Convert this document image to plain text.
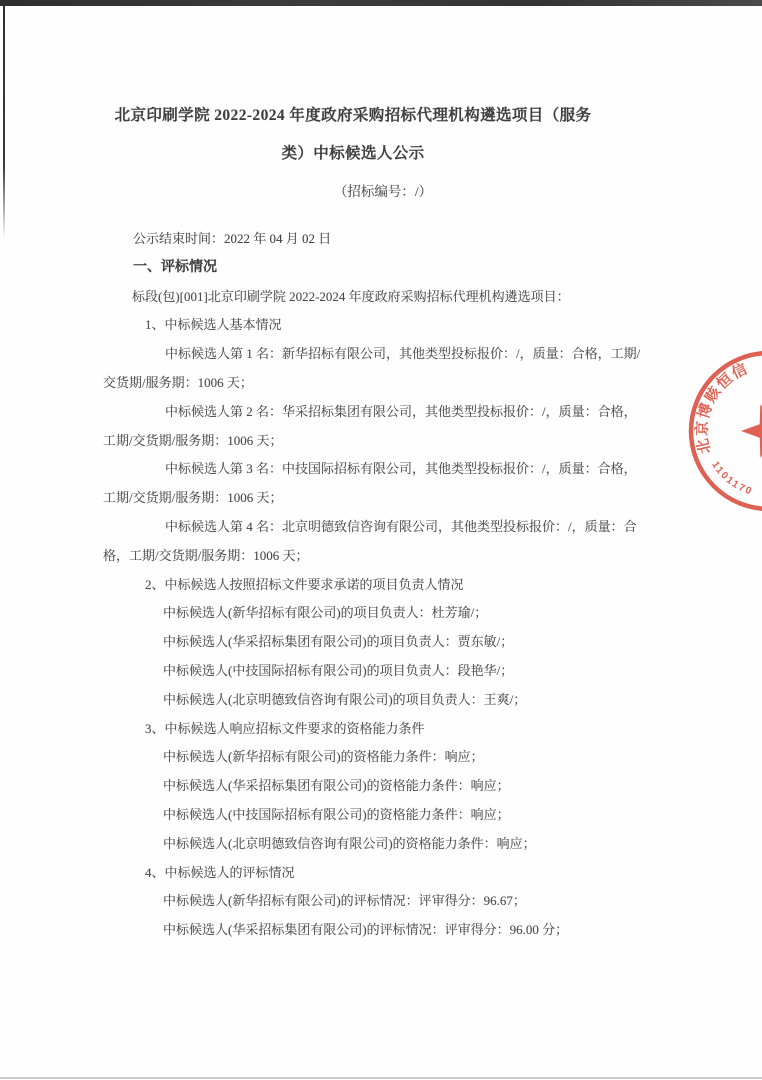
北京印刷学院 2022-2024 年度政府采购招标代理机构遴选项目（服务类）中标候选人公示
（招标编号：/）

公示结束时间：2022 年 04 月 02 日

一、评标情况

标段(包)[001]北京印刷学院 2022-2024 年度政府采购招标代理机构遴选项目：

1、中标候选人基本情况

中标候选人第 1 名：新华招标有限公司，其他类型投标报价：/，质量：合格，工期/交货期/服务期：1006 天；

中标候选人第 2 名：华采招标集团有限公司，其他类型投标报价：/，质量：合格，工期/交货期/服务期：1006 天；

中标候选人第 3 名：中技国际招标有限公司，其他类型投标报价：/，质量：合格，工期/交货期/服务期：1006 天；

中标候选人第 4 名：北京明德致信咨询有限公司，其他类型投标报价：/，质量：合格，工期/交货期/服务期：1006 天；

2、中标候选人按照招标文件要求承诺的项目负责人情况

中标候选人(新华招标有限公司)的项目负责人：杜芳瑜/；

中标候选人(华采招标集团有限公司)的项目负责人：贾东敏/；

中标候选人(中技国际招标有限公司)的项目负责人：段艳华/；

中标候选人(北京明德致信咨询有限公司)的项目负责人：王爽/；

3、中标候选人响应招标文件要求的资格能力条件

中标候选人(新华招标有限公司)的资格能力条件：响应；

中标候选人(华采招标集团有限公司)的资格能力条件：响应；

中标候选人(中技国际招标有限公司)的资格能力条件：响应；

中标候选人(北京明德致信咨询有限公司)的资格能力条件：响应；

4、中标候选人的评标情况

中标候选人(新华招标有限公司)的评标情况：评审得分：96.67；

中标候选人(华采招标集团有限公司)的评标情况：评审得分：96.00 分；

北京博赅恒信
1101170
